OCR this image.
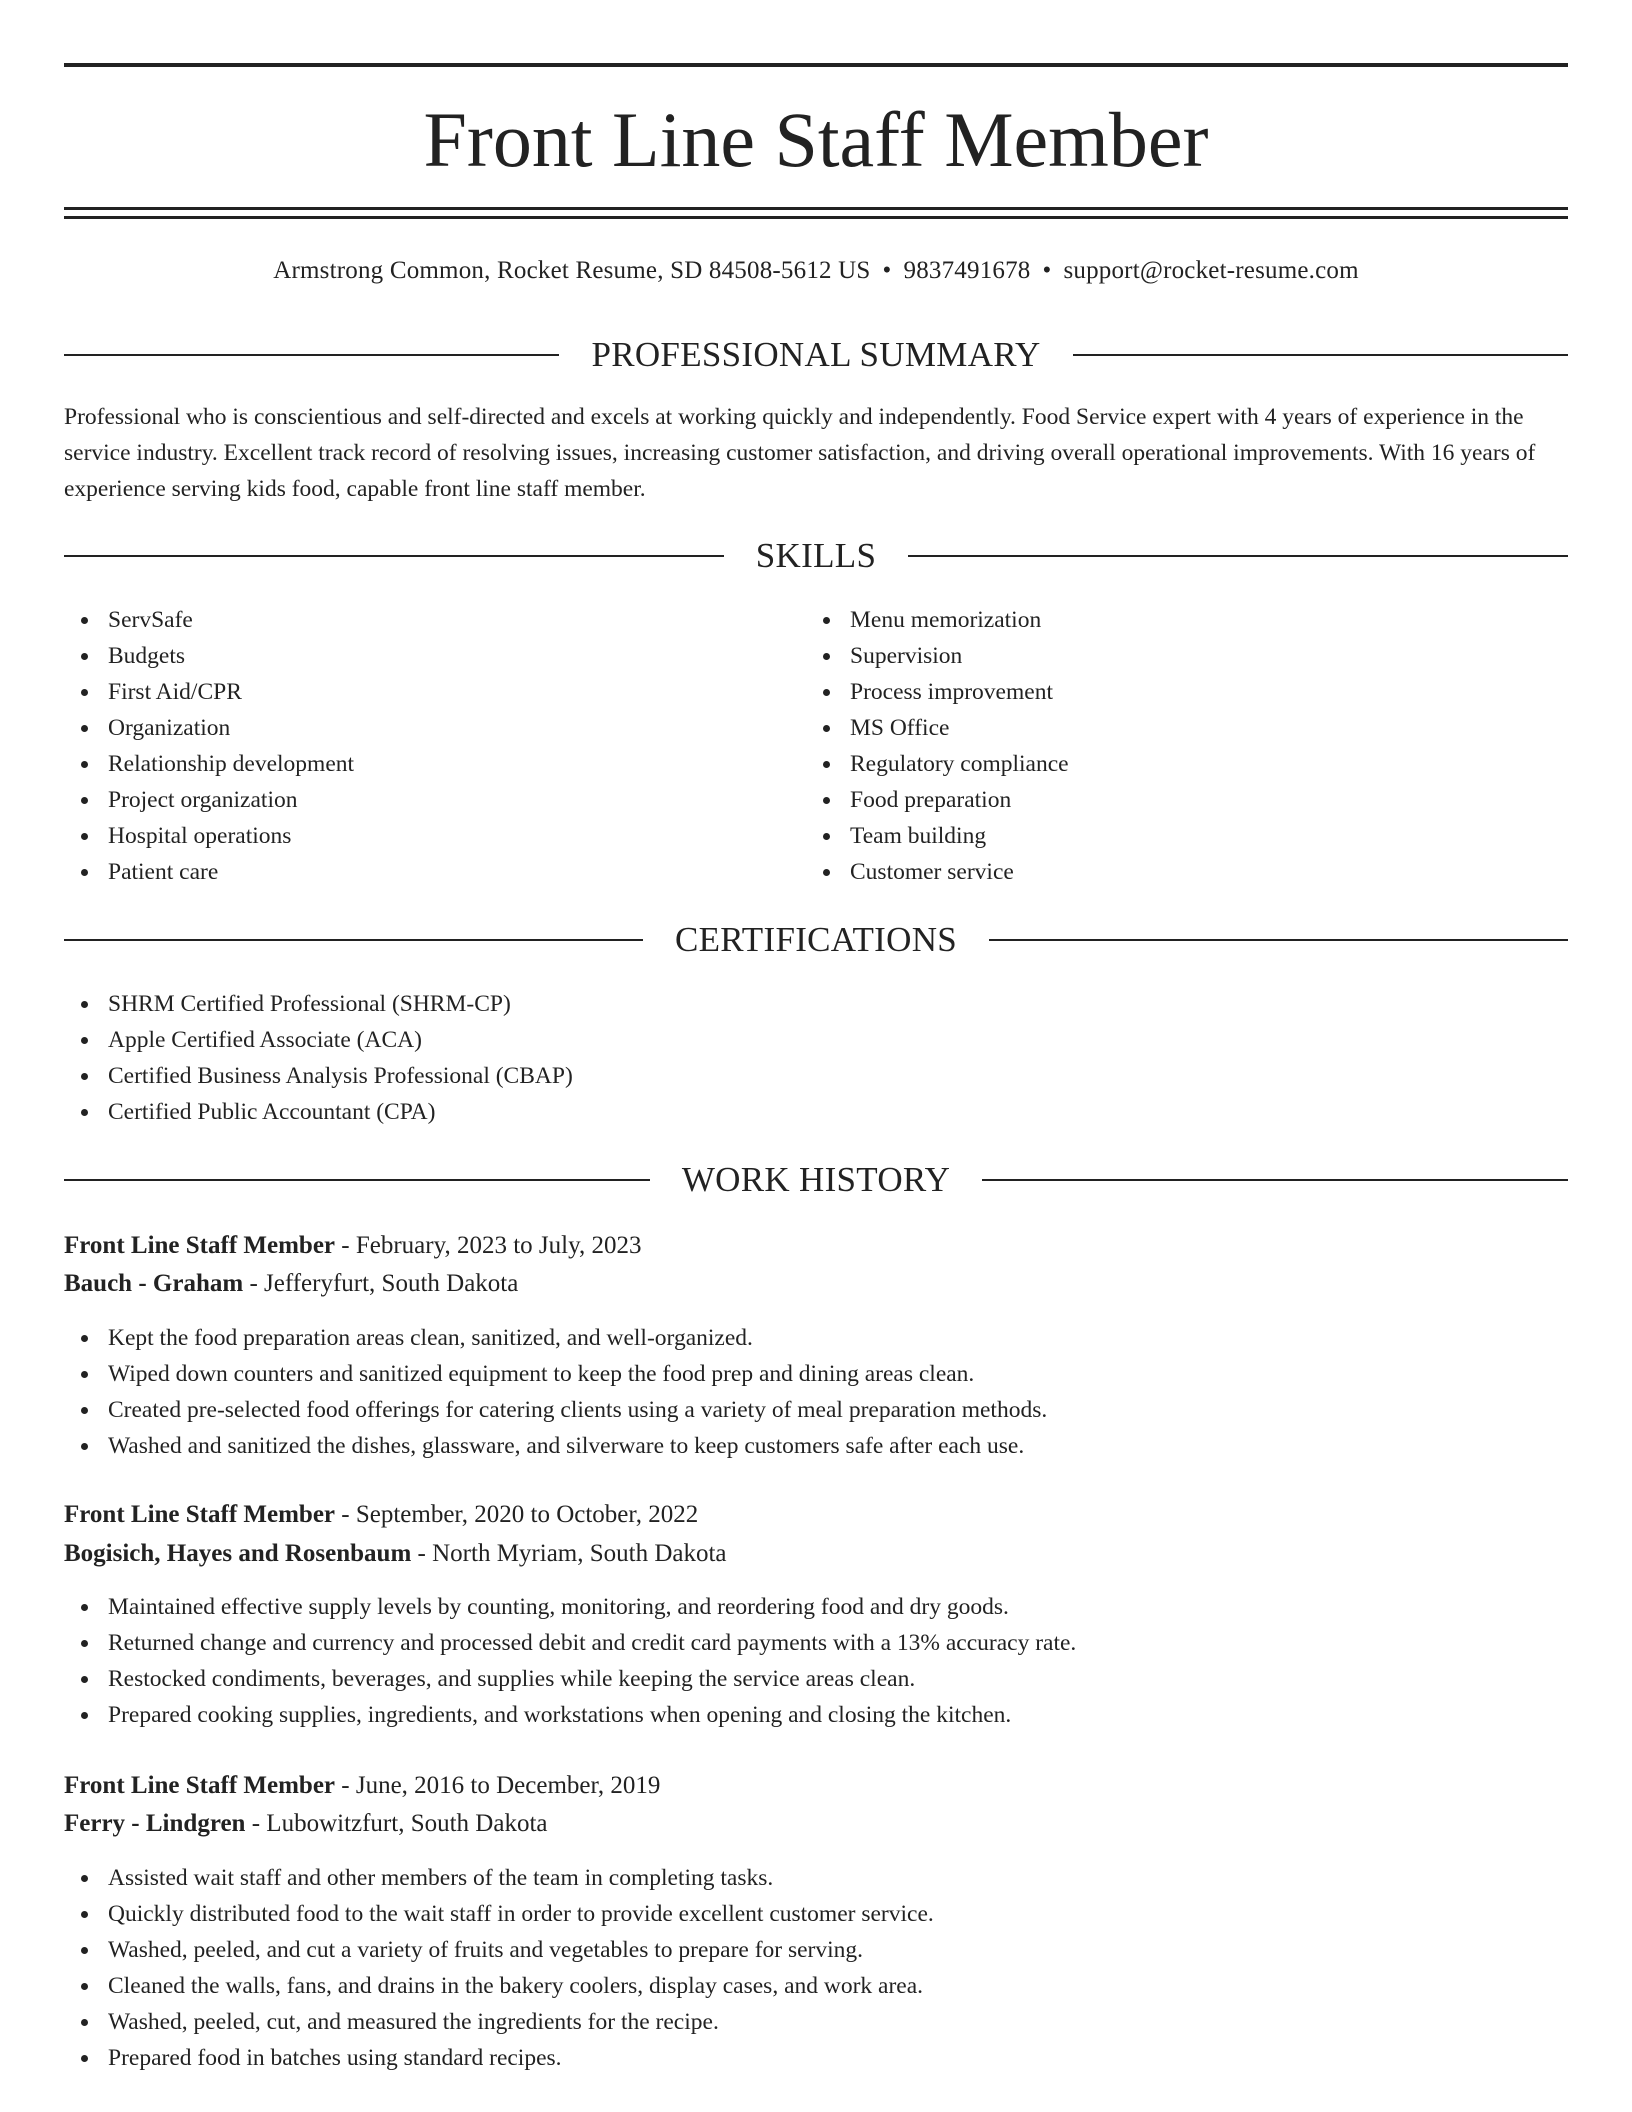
Front Line Staff Member
Armstrong Common, Rocket Resume, SD 84508-5612 US • 9837491678 • support@rocket-resume.com
PROFESSIONAL SUMMARY

Professional who is conscientious and self-directed and excels at working quickly and independently. Food Service expert with 4 years of experience in the service industry. Excellent track record of resolving issues, increasing customer satisfaction, and driving overall operational improvements. With 16 years of experience serving kids food, capable front line staff member.

SKILLS
ServSafe
Budgets
First Aid/CPR
Organization
Relationship development
Project organization
Hospital operations
Patient care
Menu memorization
Supervision
Process improvement
MS Office
Regulatory compliance
Food preparation
Team building
Customer service
CERTIFICATIONS
SHRM Certified Professional (SHRM-CP)
Apple Certified Associate (ACA)
Certified Business Analysis Professional (CBAP)
Certified Public Accountant (CPA)
WORK HISTORY
Front Line Staff Member - February, 2023 to July, 2023
Bauch - Graham - Jefferyfurt, South Dakota
Kept the food preparation areas clean, sanitized, and well-organized.
Wiped down counters and sanitized equipment to keep the food prep and dining areas clean.
Created pre-selected food offerings for catering clients using a variety of meal preparation methods.
Washed and sanitized the dishes, glassware, and silverware to keep customers safe after each use.
Front Line Staff Member - September, 2020 to October, 2022
Bogisich, Hayes and Rosenbaum - North Myriam, South Dakota
Maintained effective supply levels by counting, monitoring, and reordering food and dry goods.
Returned change and currency and processed debit and credit card payments with a 13% accuracy rate.
Restocked condiments, beverages, and supplies while keeping the service areas clean.
Prepared cooking supplies, ingredients, and workstations when opening and closing the kitchen.
Front Line Staff Member - June, 2016 to December, 2019
Ferry - Lindgren - Lubowitzfurt, South Dakota
Assisted wait staff and other members of the team in completing tasks.
Quickly distributed food to the wait staff in order to provide excellent customer service.
Washed, peeled, and cut a variety of fruits and vegetables to prepare for serving.
Cleaned the walls, fans, and drains in the bakery coolers, display cases, and work area.
Washed, peeled, cut, and measured the ingredients for the recipe.
Prepared food in batches using standard recipes.
